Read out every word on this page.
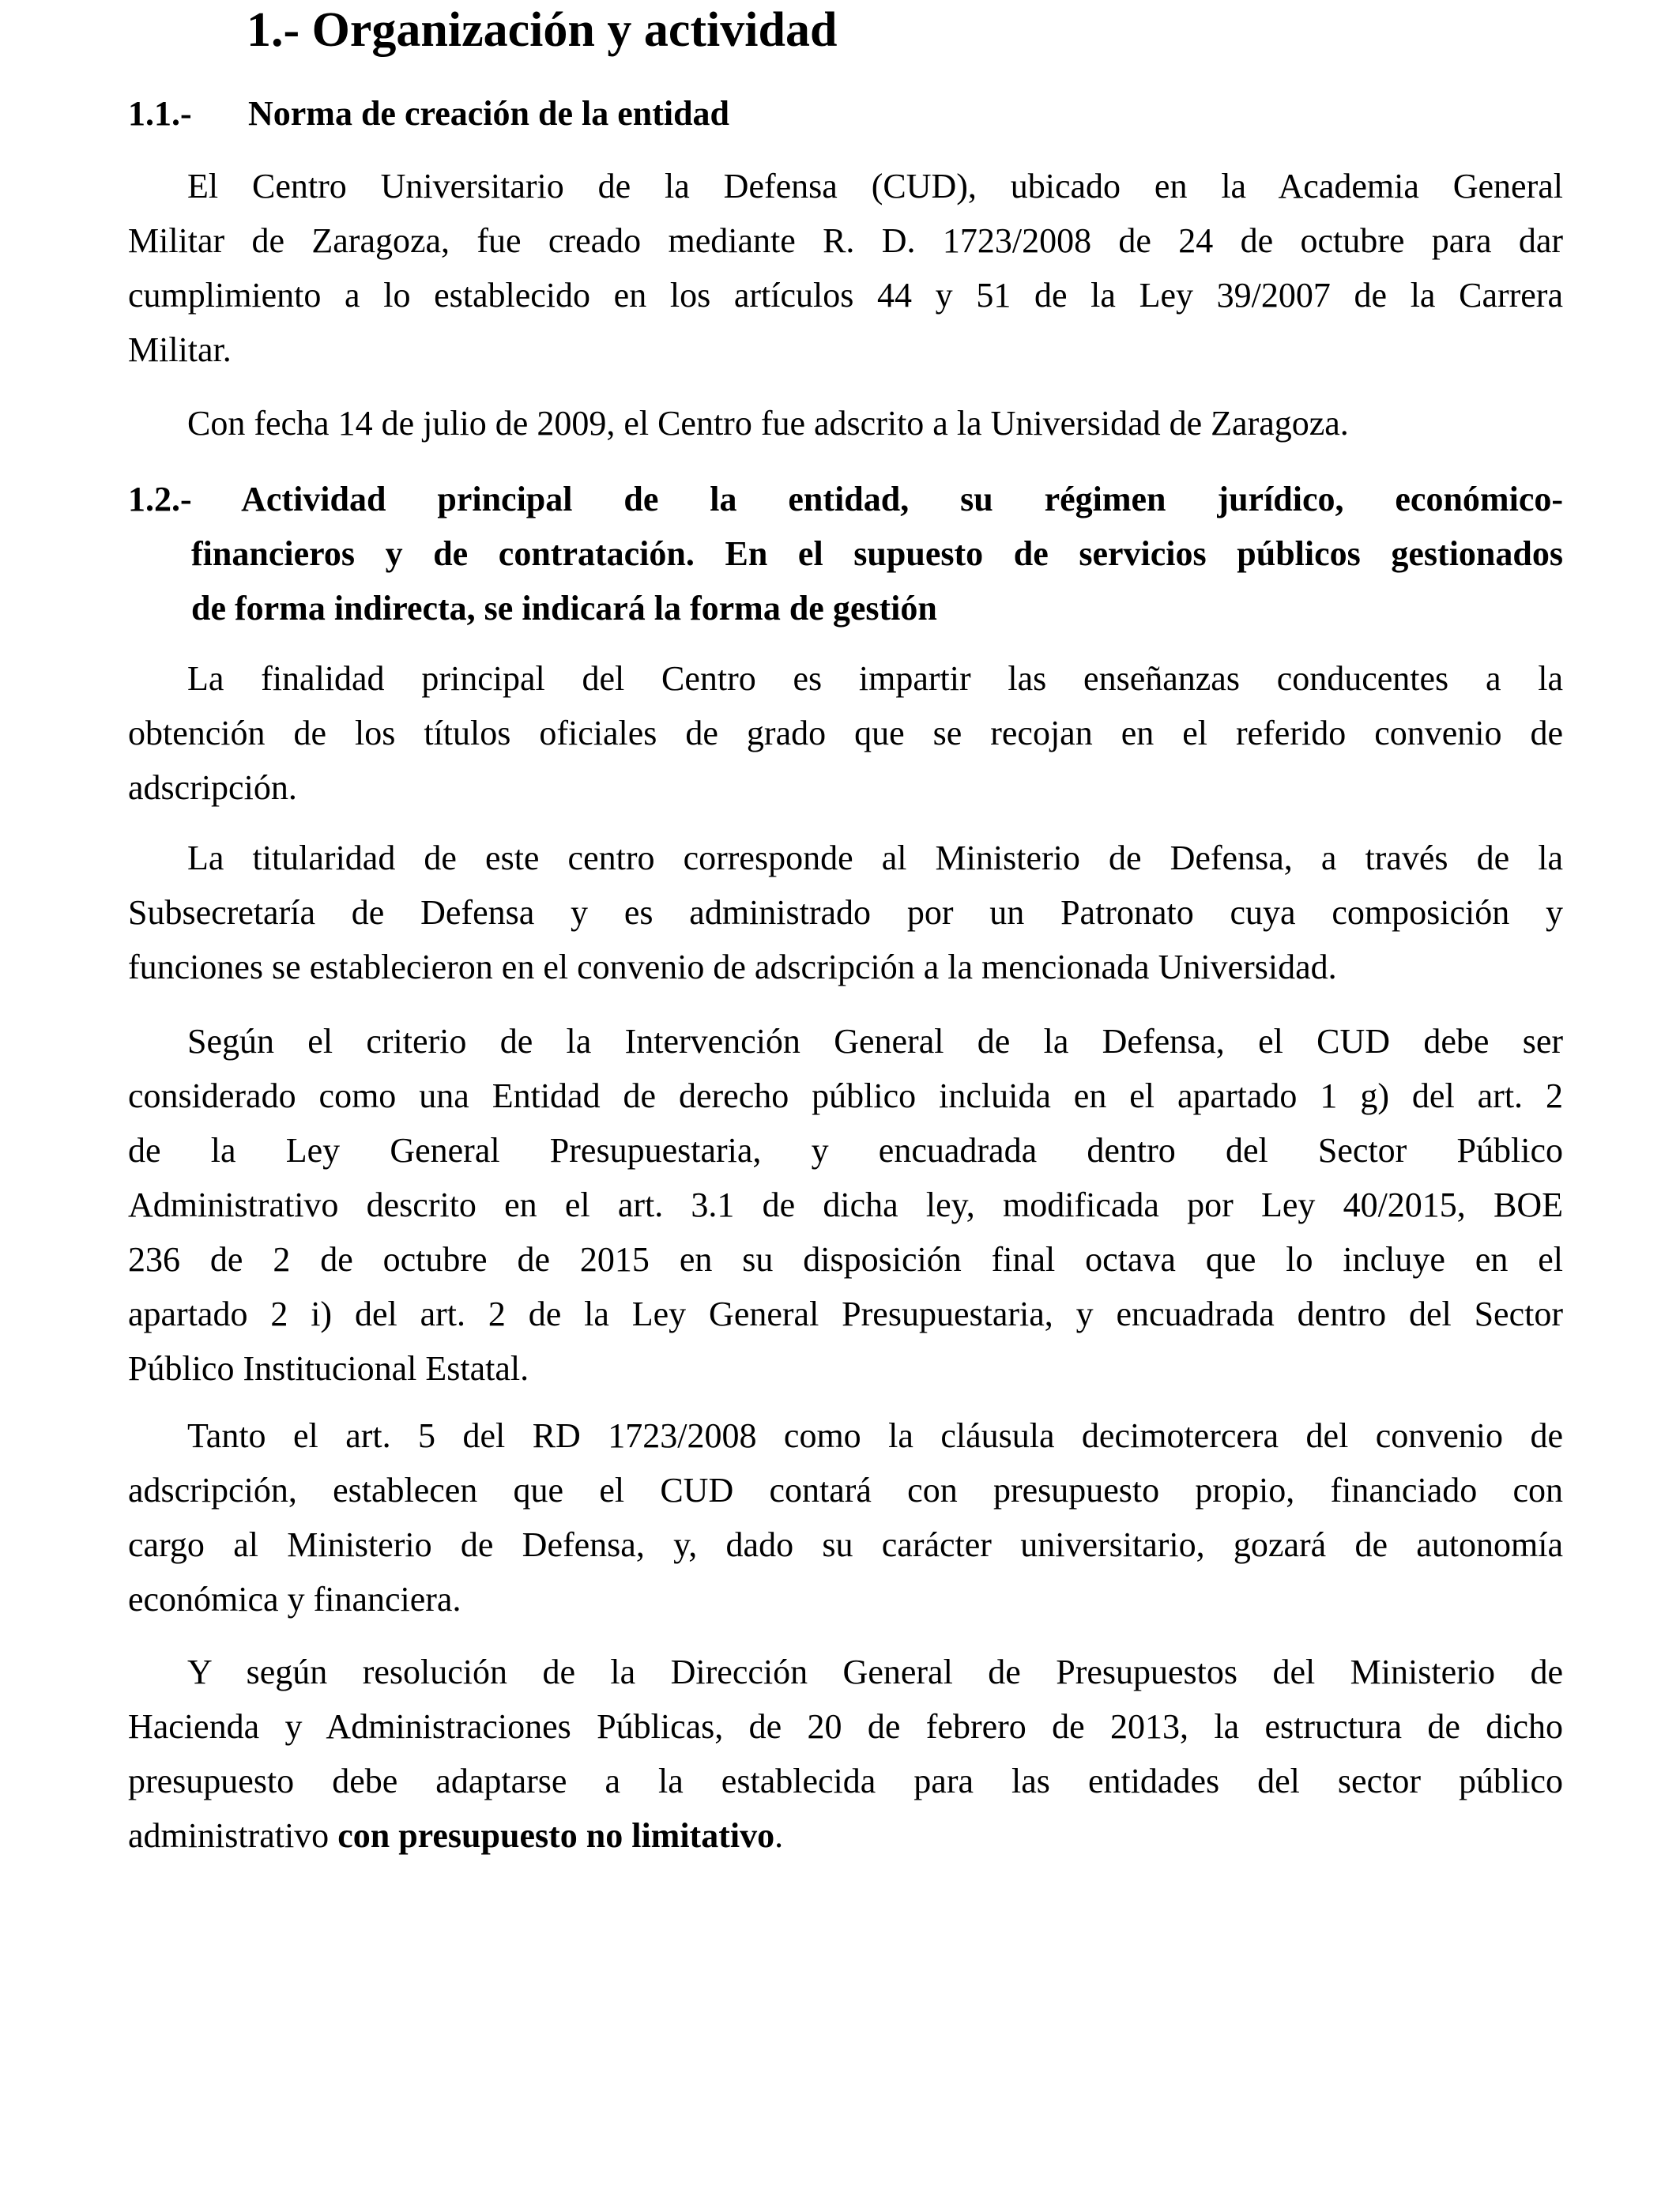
1.- Organización y actividad
1.1.- Norma de creación de la entidad
El Centro Universitario de la Defensa (CUD), ubicado en la Academia General
Militar de Zaragoza, fue creado mediante R. D. 1723/2008 de 24 de octubre para dar
cumplimiento a lo establecido en los artículos 44 y 51 de la Ley 39/2007 de la Carrera
Militar.
Con fecha 14 de julio de 2009, el Centro fue adscrito a la Universidad de Zaragoza.
1.2.- Actividad principal de la entidad, su régimen jurídico, económico-
financieros y de contratación. En el supuesto de servicios públicos gestionados
de forma indirecta, se indicará la forma de gestión
La finalidad principal del Centro es impartir las enseñanzas conducentes a la
obtención de los títulos oficiales de grado que se recojan en el referido convenio de
adscripción.
La titularidad de este centro corresponde al Ministerio de Defensa, a través de la
Subsecretaría de Defensa y es administrado por un Patronato cuya composición y
funciones se establecieron en el convenio de adscripción a la mencionada Universidad.
Según el criterio de la Intervención General de la Defensa, el CUD debe ser
considerado como una Entidad de derecho público incluida en el apartado 1 g) del art. 2
de la Ley General Presupuestaria, y encuadrada dentro del Sector Público
Administrativo descrito en el art. 3.1 de dicha ley, modificada por Ley 40/2015, BOE
236 de 2 de octubre de 2015 en su disposición final octava que lo incluye en el
apartado 2 i) del art. 2 de la Ley General Presupuestaria, y encuadrada dentro del Sector
Público Institucional Estatal.
Tanto el art. 5 del RD 1723/2008 como la cláusula decimotercera del convenio de
adscripción, establecen que el CUD contará con presupuesto propio, financiado con
cargo al Ministerio de Defensa, y, dado su carácter universitario, gozará de autonomía
económica y financiera.
Y según resolución de la Dirección General de Presupuestos del Ministerio de
Hacienda y Administraciones Públicas, de 20 de febrero de 2013, la estructura de dicho
presupuesto debe adaptarse a la establecida para las entidades del sector público
administrativo con presupuesto no limitativo.
